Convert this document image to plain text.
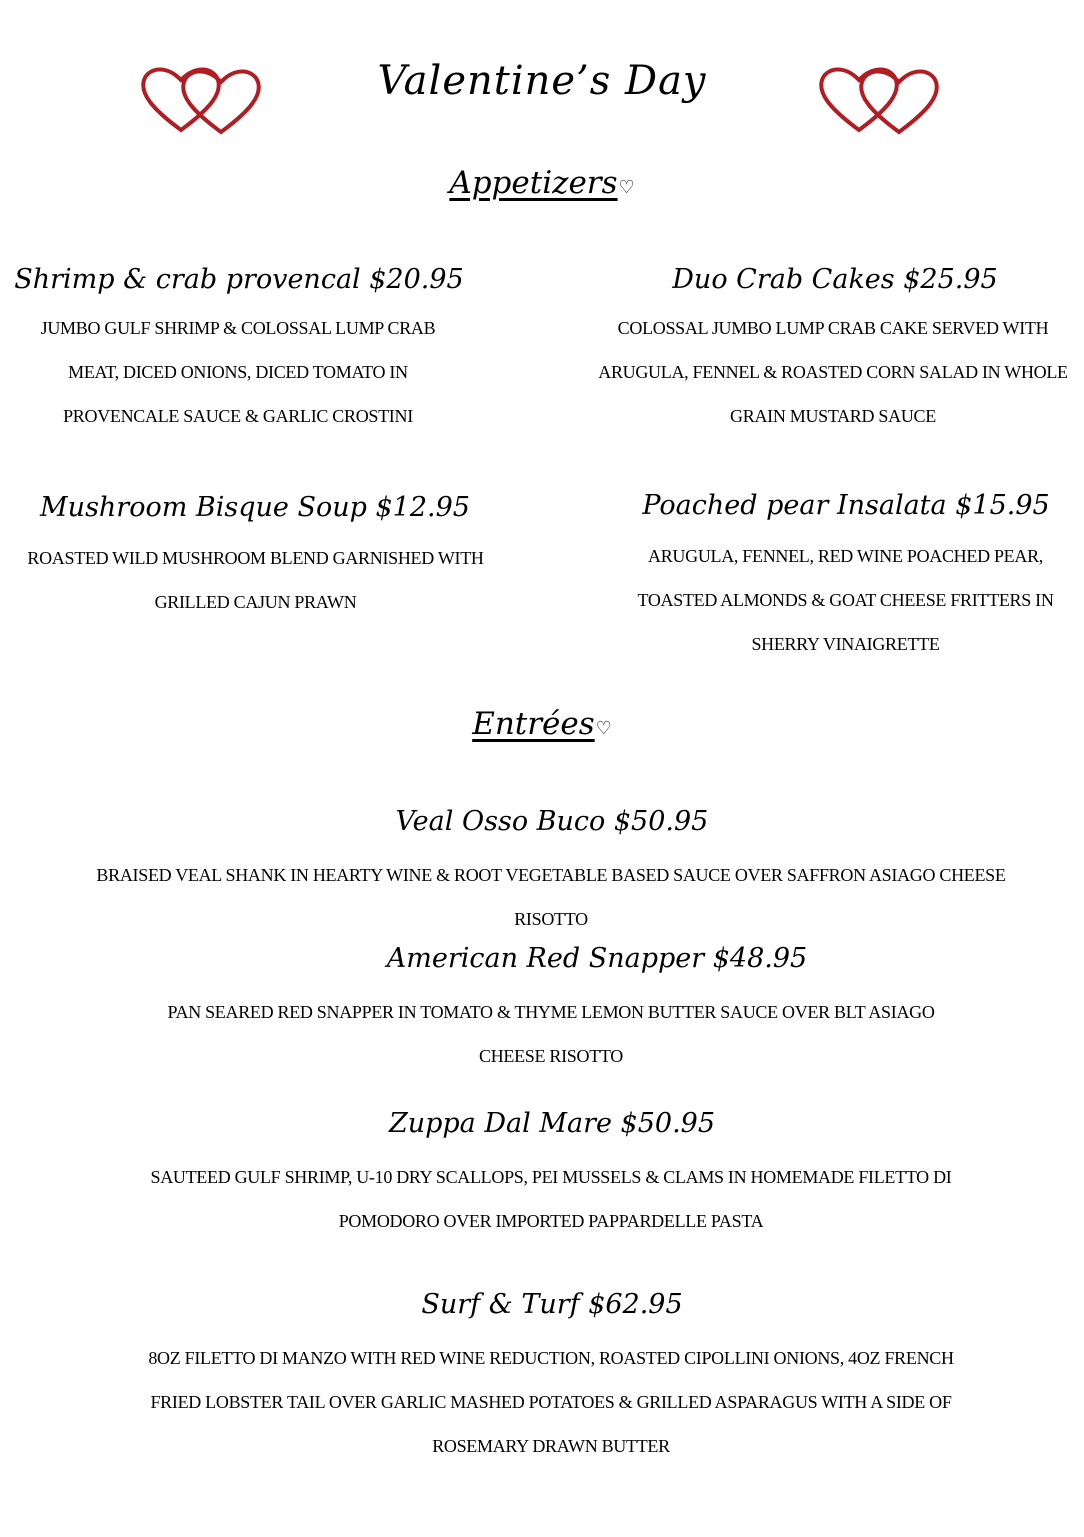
Valentine’s Day
Appetizers♡
Shrimp & crab provencal $20.95
JUMBO GULF SHRIMP & COLOSSAL LUMP CRAB MEAT, DICED ONIONS, DICED TOMATO IN PROVENCALE SAUCE & GARLIC CROSTINI
Duo Crab Cakes $25.95
COLOSSAL JUMBO LUMP CRAB CAKE SERVED WITH ARUGULA, FENNEL & ROASTED CORN SALAD IN WHOLE GRAIN MUSTARD SAUCE
Mushroom Bisque Soup $12.95
ROASTED WILD MUSHROOM BLEND GARNISHED WITH GRILLED CAJUN PRAWN
Poached pear Insalata $15.95
ARUGULA, FENNEL, RED WINE POACHED PEAR, TOASTED ALMONDS & GOAT CHEESE FRITTERS IN SHERRY VINAIGRETTE
Entrées♡
Veal Osso Buco $50.95
BRAISED VEAL SHANK IN HEARTY WINE & ROOT VEGETABLE BASED SAUCE OVER SAFFRON ASIAGO CHEESE RISOTTO
American Red Snapper $48.95
PAN SEARED RED SNAPPER IN TOMATO & THYME LEMON BUTTER SAUCE OVER BLT ASIAGO CHEESE RISOTTO
Zuppa Dal Mare $50.95
SAUTEED GULF SHRIMP, U-10 DRY SCALLOPS, PEI MUSSELS & CLAMS IN HOMEMADE FILETTO DI POMODORO OVER IMPORTED PAPPARDELLE PASTA
Surf & Turf $62.95
8OZ FILETTO DI MANZO WITH RED WINE REDUCTION, ROASTED CIPOLLINI ONIONS, 4OZ FRENCH FRIED LOBSTER TAIL OVER GARLIC MASHED POTATOES & GRILLED ASPARAGUS WITH A SIDE OF ROSEMARY DRAWN BUTTER
